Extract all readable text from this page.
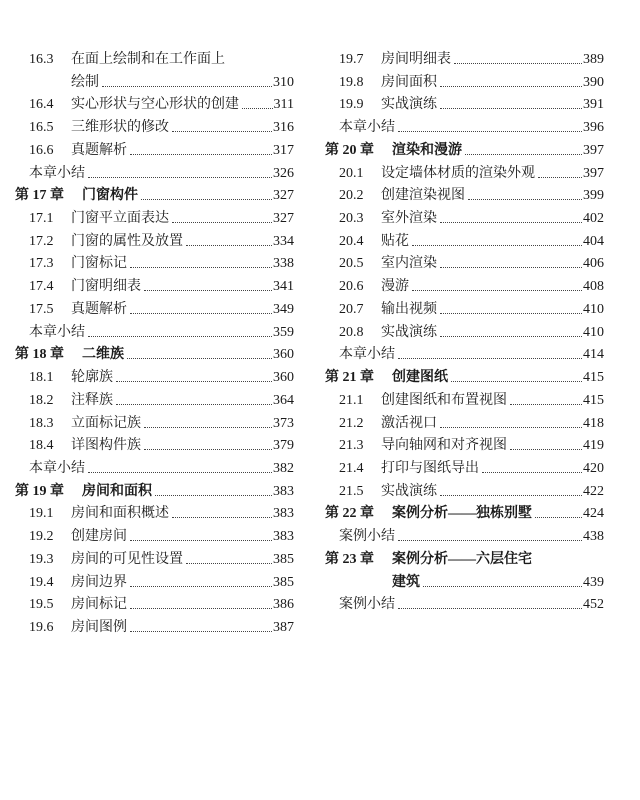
16.3	在面上绘制和在工作面上
绘制	310
16.4	实心形状与空心形状的创建 311
16.5	三维形状的修改	316
16.6	真题解析	317
本章小结	326
第 17 章	门窗构件	327
17.1	门窗平立面表达	327
17.2	门窗的属性及放置	334
17.3	门窗标记	338
17.4	门窗明细表	341
17.5	真题解析	349
本章小结	359
第 18 章	二维族	360
18.1	轮廓族	360
18.2	注释族	364
18.3	立面标记族	373
18.4	详图构件族	379
本章小结	382
第 19 章	房间和面积	383
19.1	房间和面积概述	383
19.2	创建房间	383
19.3	房间的可见性设置	385
19.4	房间边界	385
19.5	房间标记	386
19.6	房间图例	387
19.7	房间明细表	389
19.8	房间面积	390
19.9	实战演练	391
本章小结	396
第 20 章	渲染和漫游	397
20.1	设定墙体材质的渲染外观	397
20.2	创建渲染视图	399
20.3	室外渲染	402
20.4	贴花	404
20.5	室内渲染	406
20.6	漫游	408
20.7	输出视频	410
20.8	实战演练	410
本章小结	414
第 21 章	创建图纸	415
21.1	创建图纸和布置视图	415
21.2	激活视口	418
21.3	导向轴网和对齐视图	419
21.4	打印与图纸导出	420
21.5	实战演练	422
第 22 章	案例分析——独栋别墅	424
案例小结	438
第 23 章	案例分析——六层住宅
建筑	439
案例小结	452
